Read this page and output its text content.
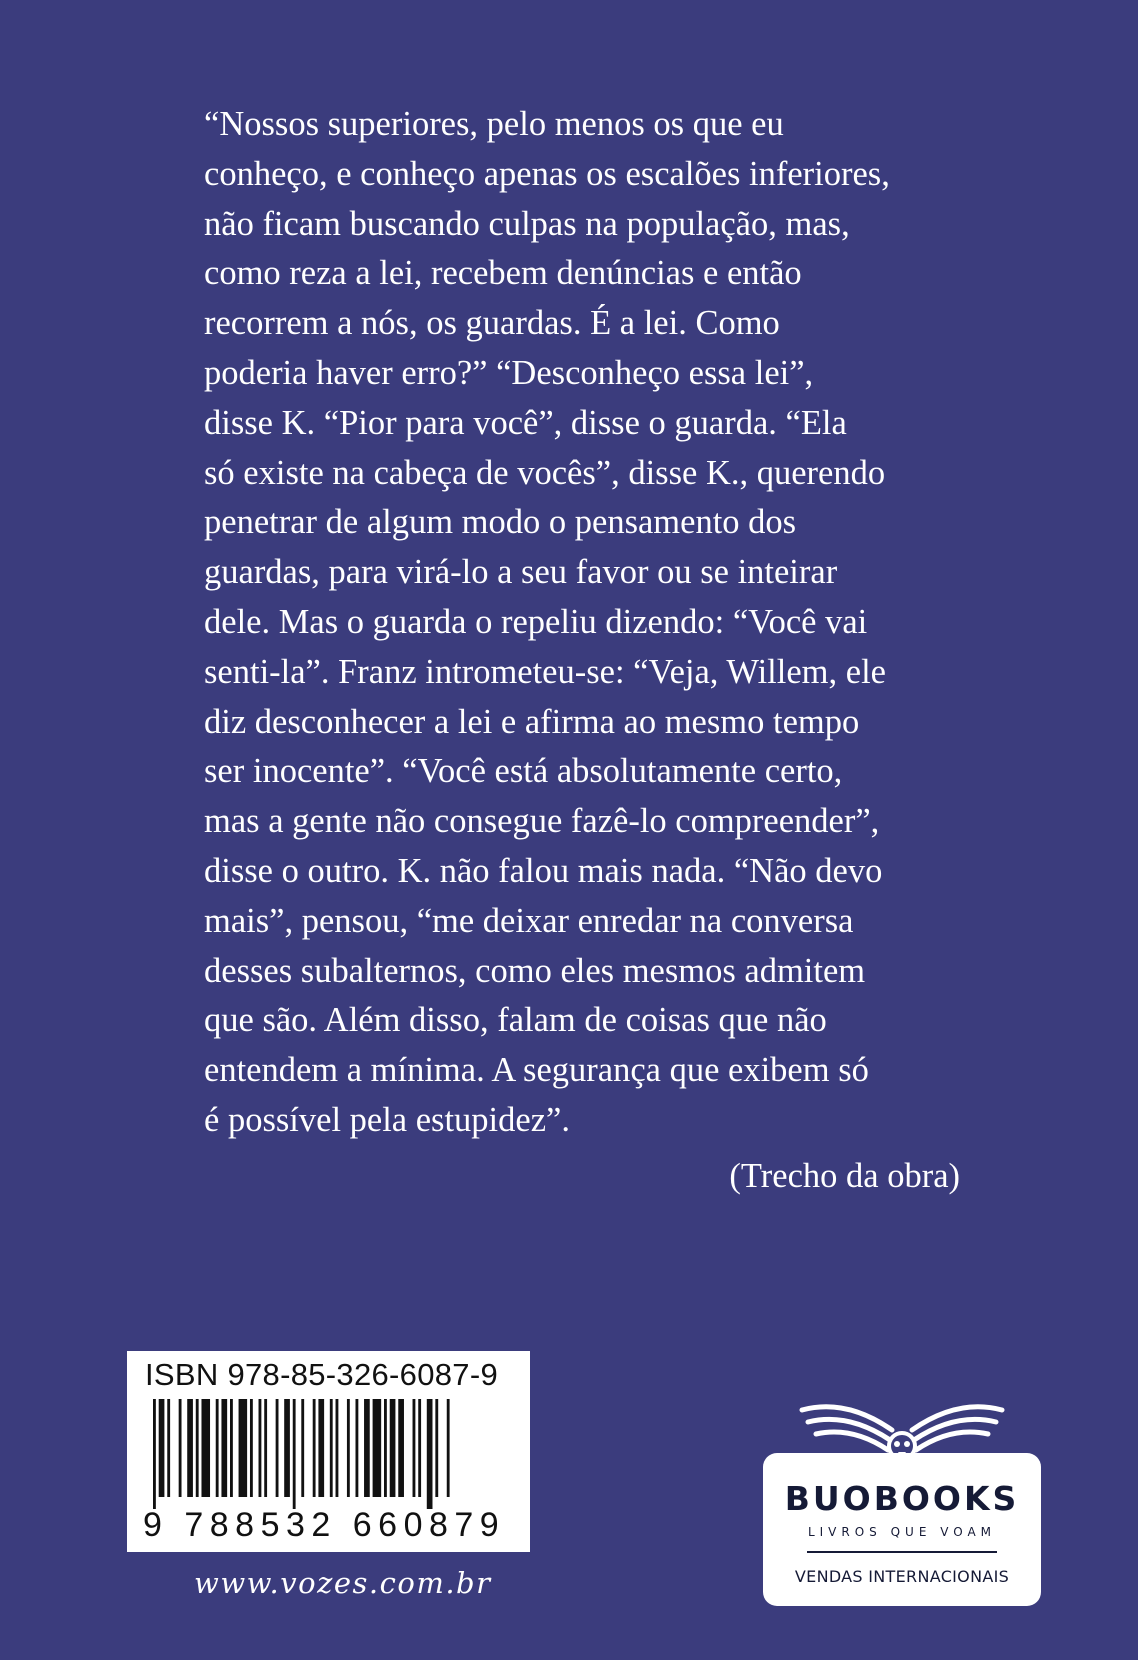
“Nossos superiores, pelo menos os que eu
conheço, e conheço apenas os escalões inferiores,
não ficam buscando culpas na população, mas,
como reza a lei, recebem denúncias e então
recorrem a nós, os guardas. É a lei. Como
poderia haver erro?” “Desconheço essa lei”,
disse K. “Pior para você”, disse o guarda. “Ela
só existe na cabeça de vocês”, disse K., querendo
penetrar de algum modo o pensamento dos
guardas, para virá-lo a seu favor ou se inteirar
dele. Mas o guarda o repeliu dizendo: “Você vai
senti-la”. Franz intrometeu-se: “Veja, Willem, ele
diz desconhecer a lei e afirma ao mesmo tempo
ser inocente”. “Você está absolutamente certo,
mas a gente não consegue fazê-lo compreender”,
disse o outro. K. não falou mais nada. “Não devo
mais”, pensou, “me deixar enredar na conversa
desses subalternos, como eles mesmos admitem
que são. Além disso, falam de coisas que não
entendem a mínima. A segurança que exibem só
é possível pela estupidez”.

(Trecho da obra)

ISBN 978-85-326-6087-9

9 788532 660879

www.vozes.com.br

BUOBOOKS

LIVROS QUE VOAM

VENDAS INTERNACIONAIS
